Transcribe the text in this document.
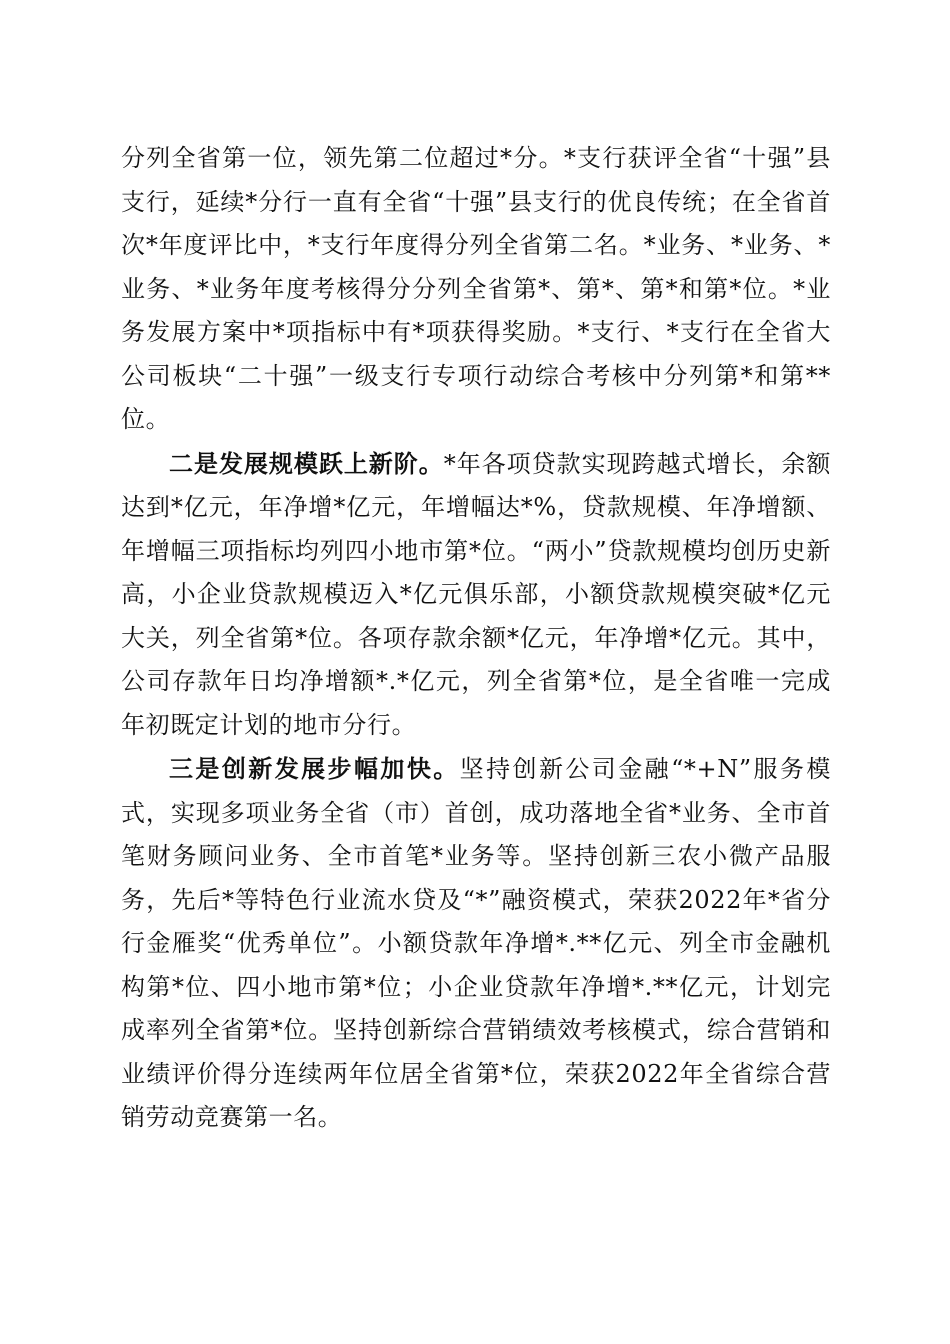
分列全省第一位，领先第二位超过*分。*支行获评全省“十强”县支行，延续*分行一直有全省“十强”县支行的优良传统；在全省首次*年度评比中，*支行年度得分列全省第二名。*业务、*业务、*业务、*业务年度考核得分分列全省第*、第*、第*和第*位。*业务发展方案中*项指标中有*项获得奖励。*支行、*支行在全省大公司板块“二十强”一级支行专项行动综合考核中分列第*和第**位。

二是发展规模跃上新阶。*年各项贷款实现跨越式增长，余额达到*亿元，年净增*亿元，年增幅达*%，贷款规模、年净增额、年增幅三项指标均列四小地市第*位。“两小”贷款规模均创历史新高，小企业贷款规模迈入*亿元俱乐部，小额贷款规模突破*亿元大关，列全省第*位。各项存款余额*亿元，年净增*亿元。其中，公司存款年日均净增额*.*亿元，列全省第*位，是全省唯一完成年初既定计划的地市分行。

三是创新发展步幅加快。坚持创新公司金融“*+N”服务模式，实现多项业务全省（市）首创，成功落地全省*业务、全市首笔财务顾问业务、全市首笔*业务等。坚持创新三农小微产品服务，先后*等特色行业流水贷及“*”融资模式，荣获2022年*省分行金雁奖“优秀单位”。小额贷款年净增*.**亿元、列全市金融机构第*位、四小地市第*位；小企业贷款年净增*.**亿元，计划完成率列全省第*位。坚持创新综合营销绩效考核模式，综合营销和业绩评价得分连续两年位居全省第*位，荣获2022年全省综合营销劳动竞赛第一名。
